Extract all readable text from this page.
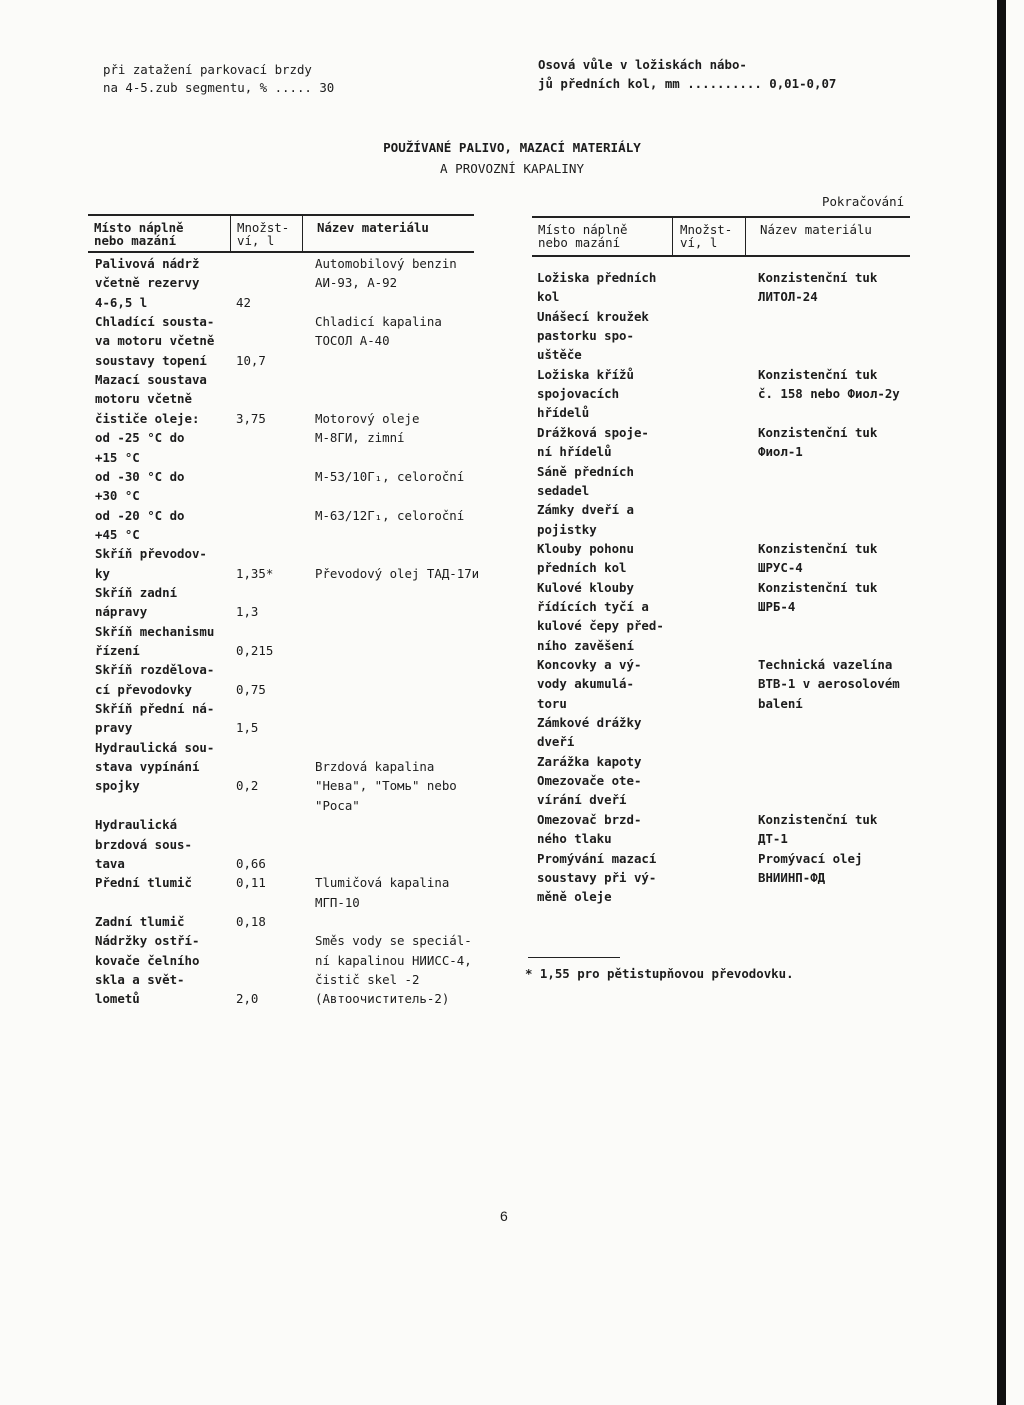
při zatažení parkovací brzdy
na 4-5.zub segmentu, % ..... 30
Osová vůle v ložiskách nábo-
jů předních kol, mm .......... 0,01-0,07
POUŽÍVANÉ PALIVO, MAZACÍ MATERIÁLY
A PROVOZNÍ KAPALINY
Pokračování
Místo náplně
nebo mazání
Množst-
ví, l
Název materiálu
Palivová nádrž	Automobilový benzin
včetně rezervy	АИ-93, А-92
4-6,5 l	42
Chladící sousta-	Chladicí kapalina
va motoru včetně	ТОСОЛ А-40
soustavy topení 10,7
Mazací soustava
motoru včetně
čističe oleje:	3,75	Motorový oleje
od -25 °C do	М-8ГИ, zimní
+15 °C
od -30 °C do	М-53/10Г₁, celoroční
+30 °C
od -20 °C do	М-63/12Г₁, celoroční
+45 °C
Skříň převodov-
ky	1,35*	Převodový olej ТАД-17и
Skříň zadní
nápravy	1,3
Skříň mechanismu
řízení	0,215
Skříň rozdělova-
cí převodovky	0,75
Skříň přední ná-
pravy	1,5
Hydraulická sou-
stava vypínání	Brzdová kapalina
spojky	0,2	"Нева", "Томь" nebo
"Роса"
Hydraulická
brzdová sous-
tava	0,66
Přední tlumič	0,11	Tlumičová kapalina
МГП-10
Zadní tlumič	0,18
Nádržky ostří-	Směs vody se speciál-
kovače čelního	ní kapalinou НИИСС-4,
skla a svět-	čistič skel -2
lometů	2,0	(Автоочиститель-2)
Místo náplně
nebo mazání
Množst-
ví, l
Název materiálu
Ložiska předních	Konzistenční tuk
kol	ЛИТОЛ-24
Unášecí kroužek
pastorku spo-
uštěče
Ložiska křížů	Konzistenční tuk
spojovacích	č. 158 nebo Фиол-2у
hřídelů
Drážková spoje-	Konzistenční tuk
ní hřídelů	Фиол-1
Sáně předních
sedadel
Zámky dveří a
pojistky
Klouby pohonu	Konzistenční tuk
předních kol	ШРУС-4
Kulové klouby	Konzistenční tuk
řídících tyčí a	ШРБ-4
kulové čepy před-
ního zavěšení
Koncovky a vý-	Technická vazelína
vody akumulá-	ВТВ-1 v aerosolovém
toru	balení
Zámkové drážky
dveří
Zarážka kapoty
Omezovače ote-
vírání dveří
Omezovač brzd-	Konzistenční tuk
ného tlaku	ДТ-1
Promývání mazací	Promývací olej
soustavy při vý-	ВНИИНП-ФД
měně oleje
* 1,55 pro pětistupňovou převodovku.
6
